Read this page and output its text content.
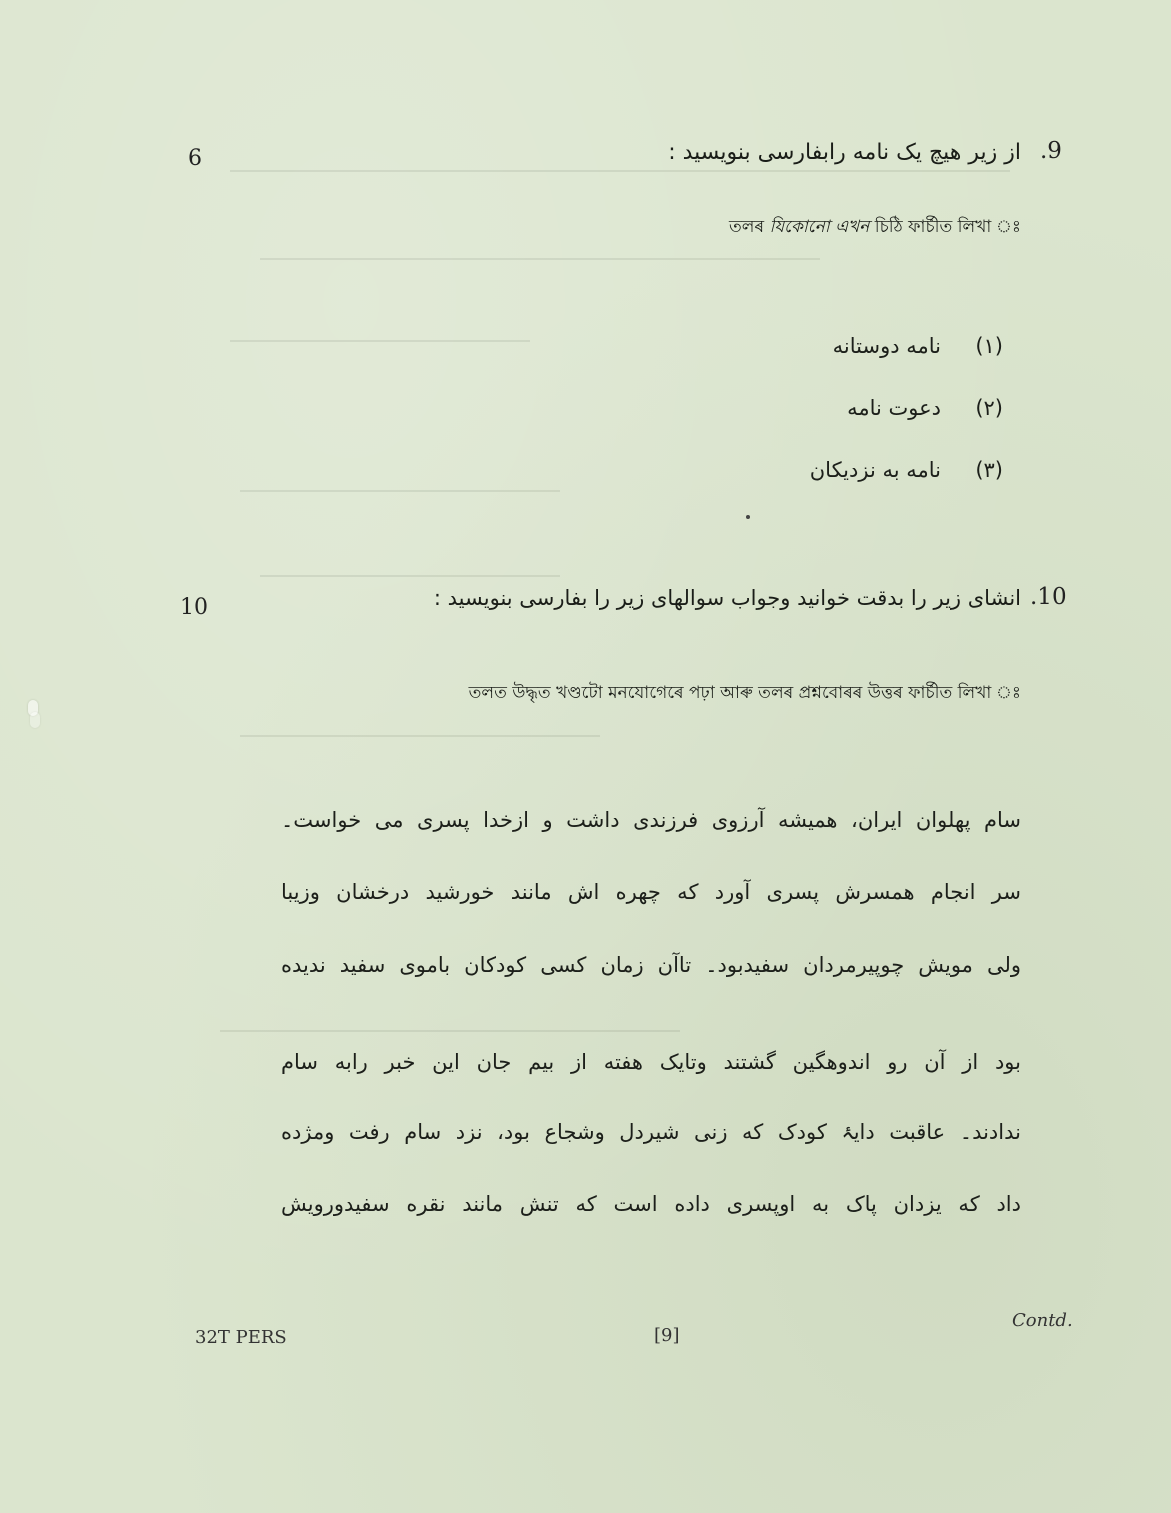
6	.9
از زیر هیچ یک نامه رابفارسی بنویسید :
তলৰ যিকোনো এখন চিঠি ফাৰ্চীত লিখা ঃ
(۱)نامه دوستانه
(۲)دعوت نامه
(۳)نامه به نزدیکان
10	.10
انشای زیر را بدقت خوانید وجواب سوالهای زیر را بفارسی بنویسید :
তলত উদ্ধৃত খণ্ডটো মনযোগেৰে পঢ়া আৰু তলৰ প্ৰশ্নবোৰৰ উত্তৰ ফাৰ্চীত লিখা ঃ
سام پهلوان ایران، همیشه آرزوی فرزندی داشت و ازخدا پسری می خواست۔
سر انجام همسرش پسری آورد که چهره اش مانند خورشید درخشان وزیبا
ولی مویش چوپیرمردان سفیدبود۔ تاآن زمان کسی کودکان باموی سفید ندیده
بود از آن رو اندوهگین گشتند وتایک هفته از بیم جان این خبر رابه سام
ندادند۔ عاقبت دایۂ کودک که زنی شیردل وشجاع بود، نزد سام رفت ومژده
داد که یزدان پاک به اوپسری داده است که تنش مانند نقره سفیدورویش
32T PERS	[9]
Contd.
